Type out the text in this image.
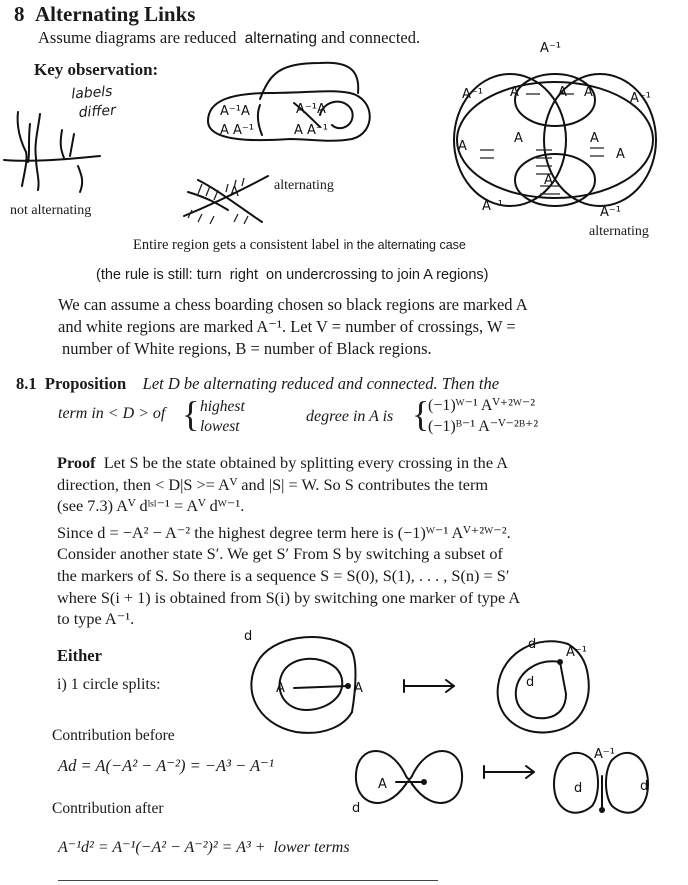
8 Alternating Links
Assume diagrams are reduced alternating and connected.
Key observation:
labels
differ
not alternating
A⁻¹A	A⁻¹A
A A⁻¹	A A⁻¹
A	alternating
A⁻¹
A⁻¹	A⁻¹
A	A A
A
A	A
A
A
A⁻¹	A⁻¹
alternating
Entire region gets a consistent label in the alternating case
(the rule is still: turn  right  on undercrossing to join A regions)
We can assume a chess boarding chosen so black regions are marked A
and white regions are marked A⁻¹. Let V = number of crossings, W =
number of White regions, B = number of Black regions.
8.1 Proposition Let D be alternating reduced and connected. Then the
term in < D > of { highest
lowest
degree in A is {
(−1)ᵂ⁻¹ Aⱽ⁺²ᵂ⁻²
(−1)ᴮ⁻¹ A⁻ⱽ⁻²ᴮ⁺²
Proof Let S be the state obtained by splitting every crossing in the A
direction, then < D|S >= Aⱽ and |S| = W. So S contributes the term
(see 7.3) Aⱽ dˡˢˡ⁻¹ = Aⱽ dᵂ⁻¹.
Since d = −A² − A⁻² the highest degree term here is (−1)ᵂ⁻¹ Aⱽ⁺²ᵂ⁻².
Consider another state S′. We get S′ From S by switching a subset of
the markers of S. So there is a sequence S = S(0), S(1), . . . , S(n) = S′
where S(i + 1) is obtained from S(i) by switching one marker of type A
to type A⁻¹.
Either
i) 1 circle splits:	A	A
d
d
A⁻¹
d
Contribution before
Ad = A(−A² − A⁻²) = −A³ − A⁻¹
A
d
A⁻¹
d	d
Contribution after
A⁻¹d² = A⁻¹(−A² − A⁻²)² = A³ +  lower terms
